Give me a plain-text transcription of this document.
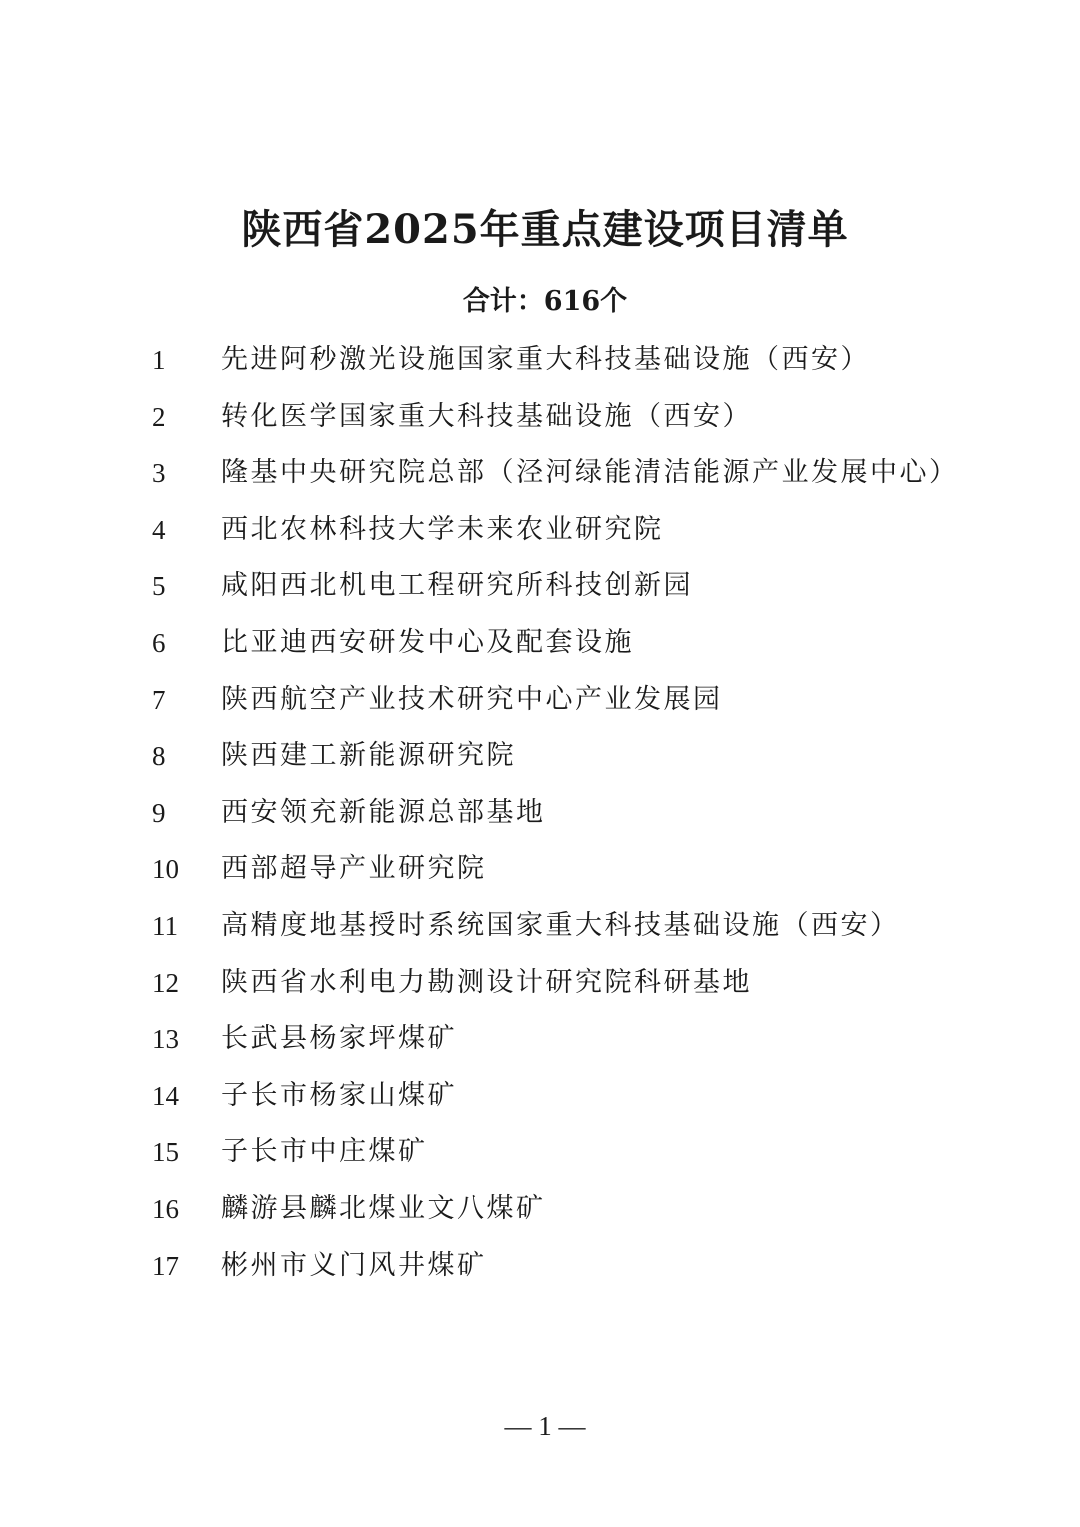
陕西省2025年重点建设项目清单
合计：616个
1 先进阿秒激光设施国家重大科技基础设施（西安）
2 转化医学国家重大科技基础设施（西安）
3 隆基中央研究院总部（泾河绿能清洁能源产业发展中心）
4 西北农林科技大学未来农业研究院
5 咸阳西北机电工程研究所科技创新园
6 比亚迪西安研发中心及配套设施
7 陕西航空产业技术研究中心产业发展园
8 陕西建工新能源研究院
9 西安领充新能源总部基地
10 西部超导产业研究院
11 高精度地基授时系统国家重大科技基础设施（西安）
12 陕西省水利电力勘测设计研究院科研基地
13 长武县杨家坪煤矿
14 子长市杨家山煤矿
15 子长市中庄煤矿
16 麟游县麟北煤业文八煤矿
17 彬州市义门风井煤矿
— 1 —
